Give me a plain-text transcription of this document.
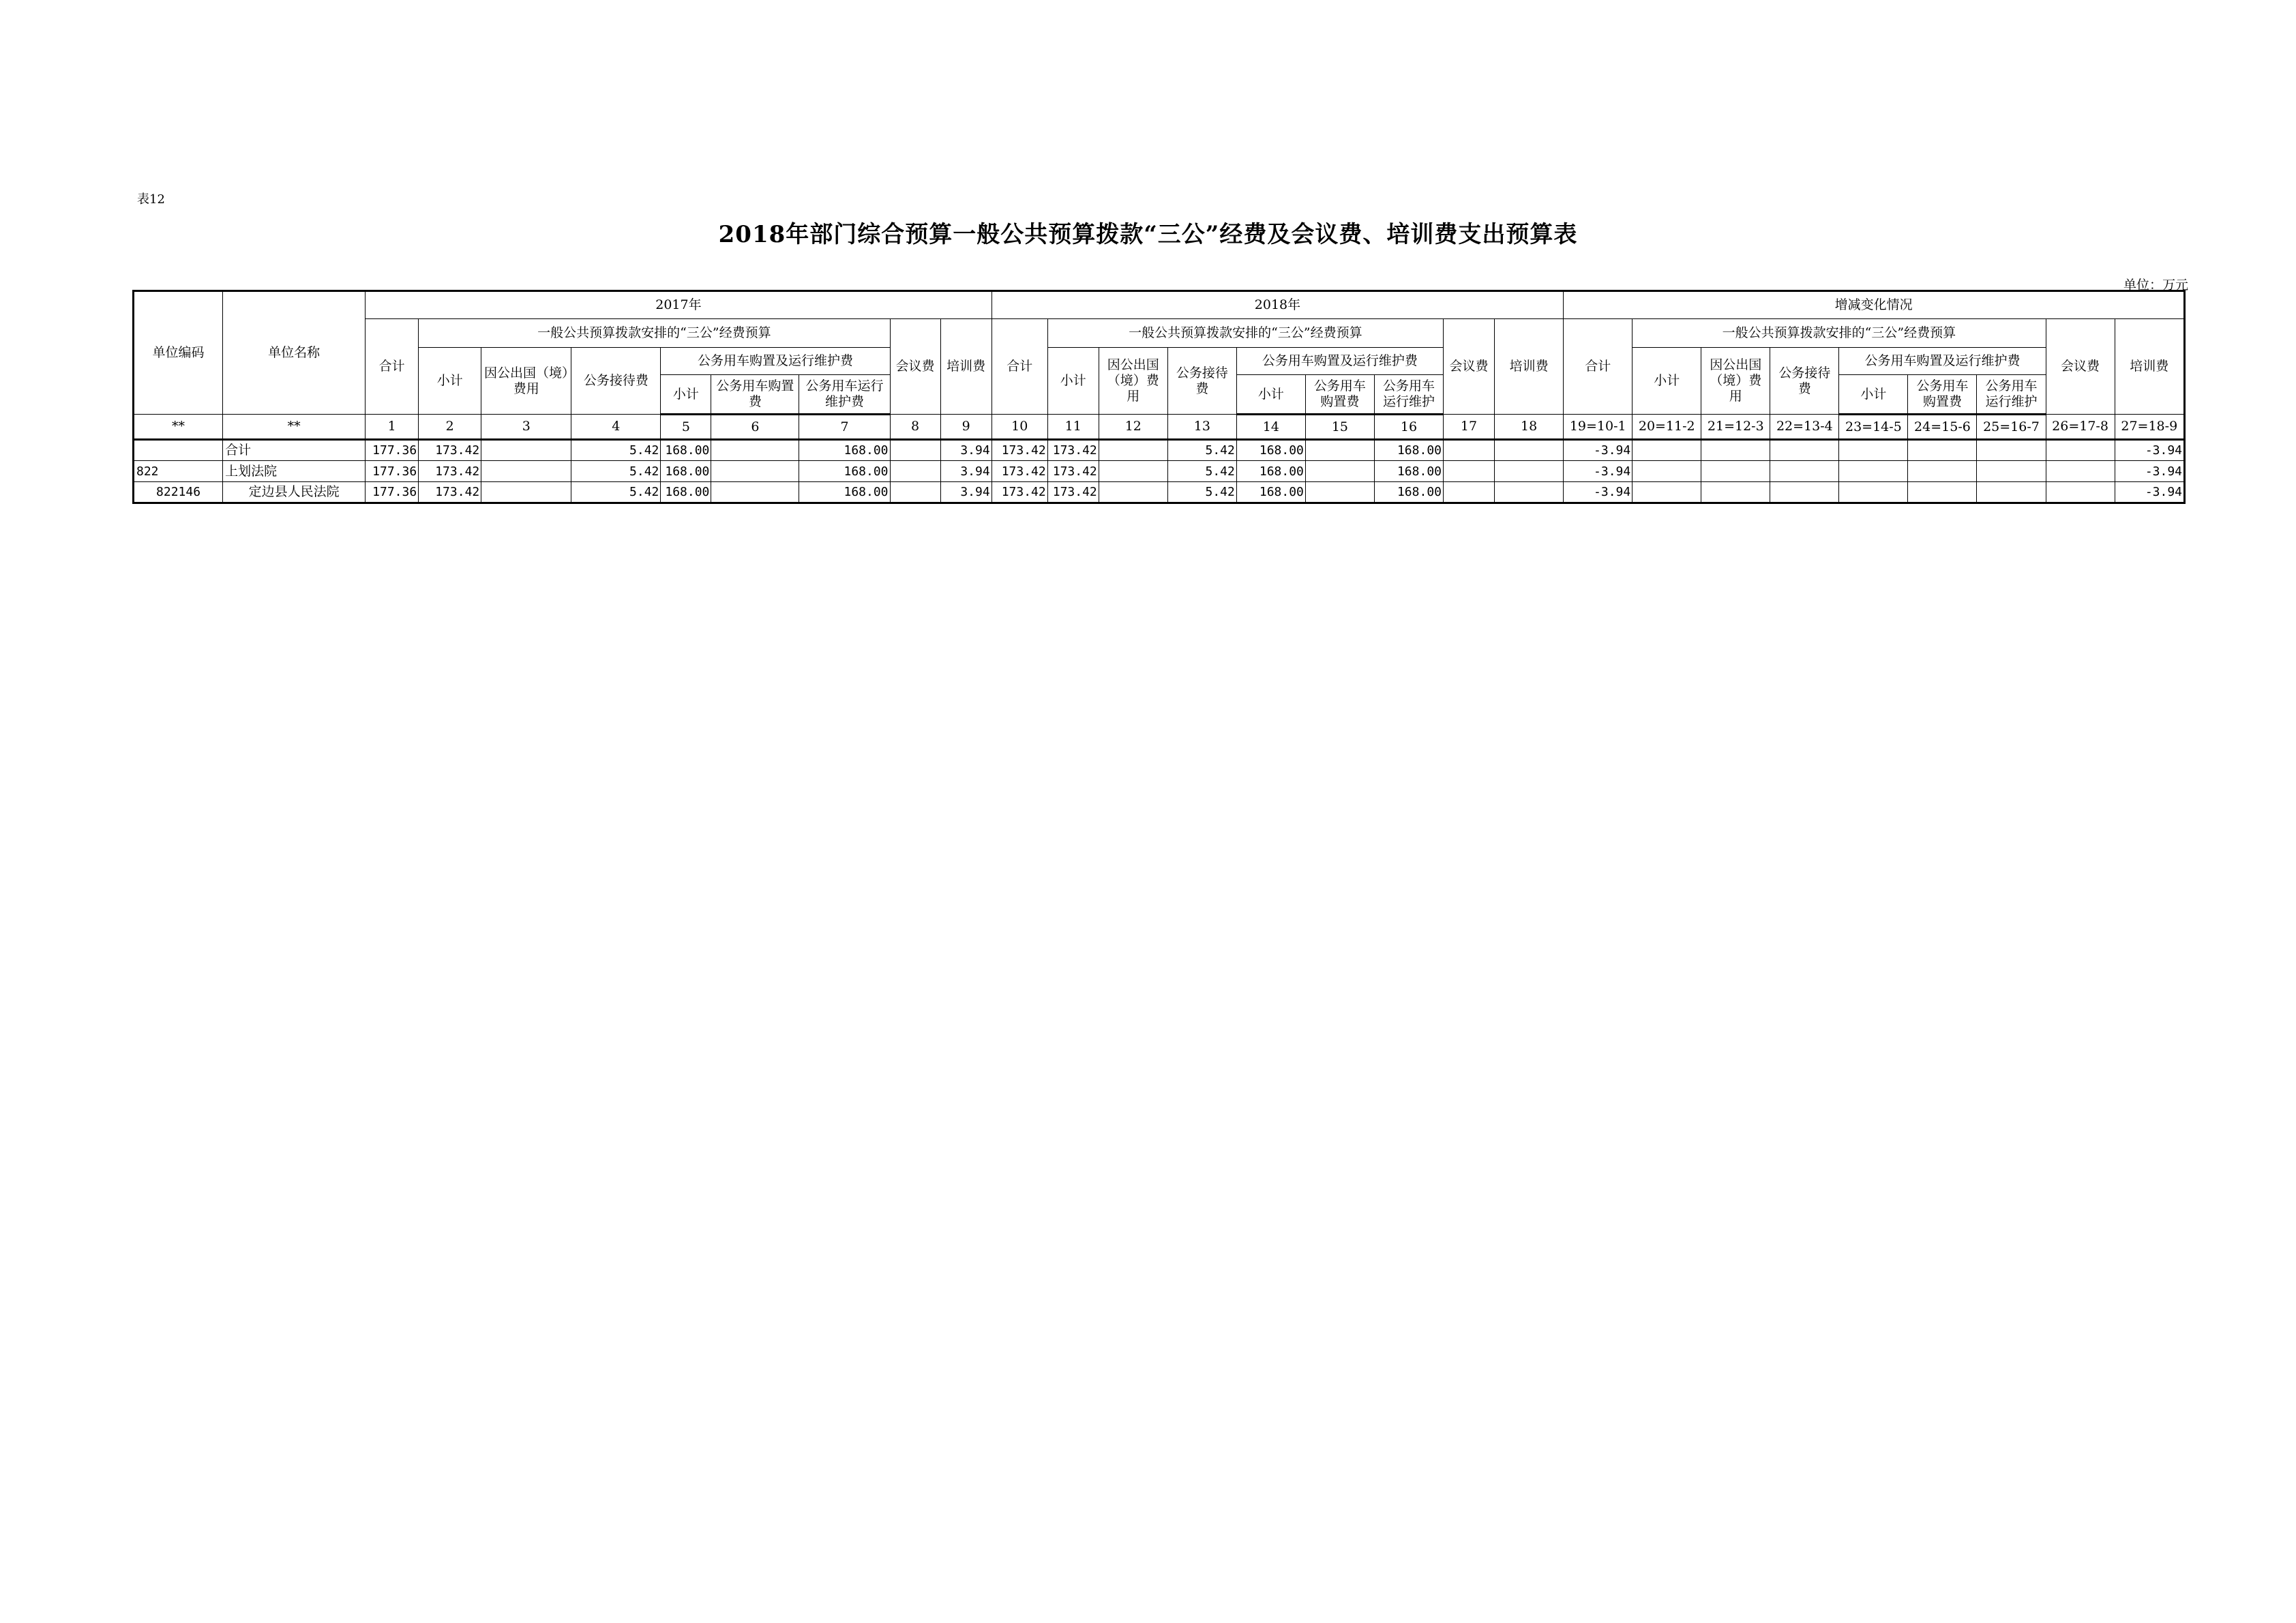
表12
2018年部门综合预算一般公共预算拨款“三公”经费及会议费、培训费支出预算表
单位：万元
单位编码	单位名称	2017年									2018年									增减变化情况								
		合计	一般公共预算拨款安排的“三公”经费预算						会议费	培训费	合计	一般公共预算拨款安排的“三公”经费预算						会议费	培训费	合计	一般公共预算拨款安排的“三公”经费预算						会议费	培训费
			小计	因公出国（境）费用	公务接待费	公务用车购置及运行维护费						小计	因公出国（境）费用	公务接待费	公务用车购置及运行维护费						小计	因公出国（境）费用	公务接待费	公务用车购置及运行维护费				
						小计	公务用车购置费	公务用车运行维护费							小计	公务用车购置费	公务用车运行维护							小计	公务用车购置费	公务用车运行维护		
**	**	1	2	3	4	5	6	7	8	9	10	11	12	13	14	15	16	17	18	19=10-1	20=11-2	21=12-3	22=13-4	23=14-5	24=15-6	25=16-7	26=17-8	27=18-9
	合计	177.36	173.42		5.42	168.00		168.00		3.94	173.42	173.42		5.42	168.00		168.00			-3.94								-3.94
822	上划法院	177.36	173.42		5.42	168.00		168.00		3.94	173.42	173.42		5.42	168.00		168.00			-3.94								-3.94
822146	定边县人民法院	177.36	173.42		5.42	168.00		168.00		3.94	173.42	173.42		5.42	168.00		168.00			-3.94								-3.94
